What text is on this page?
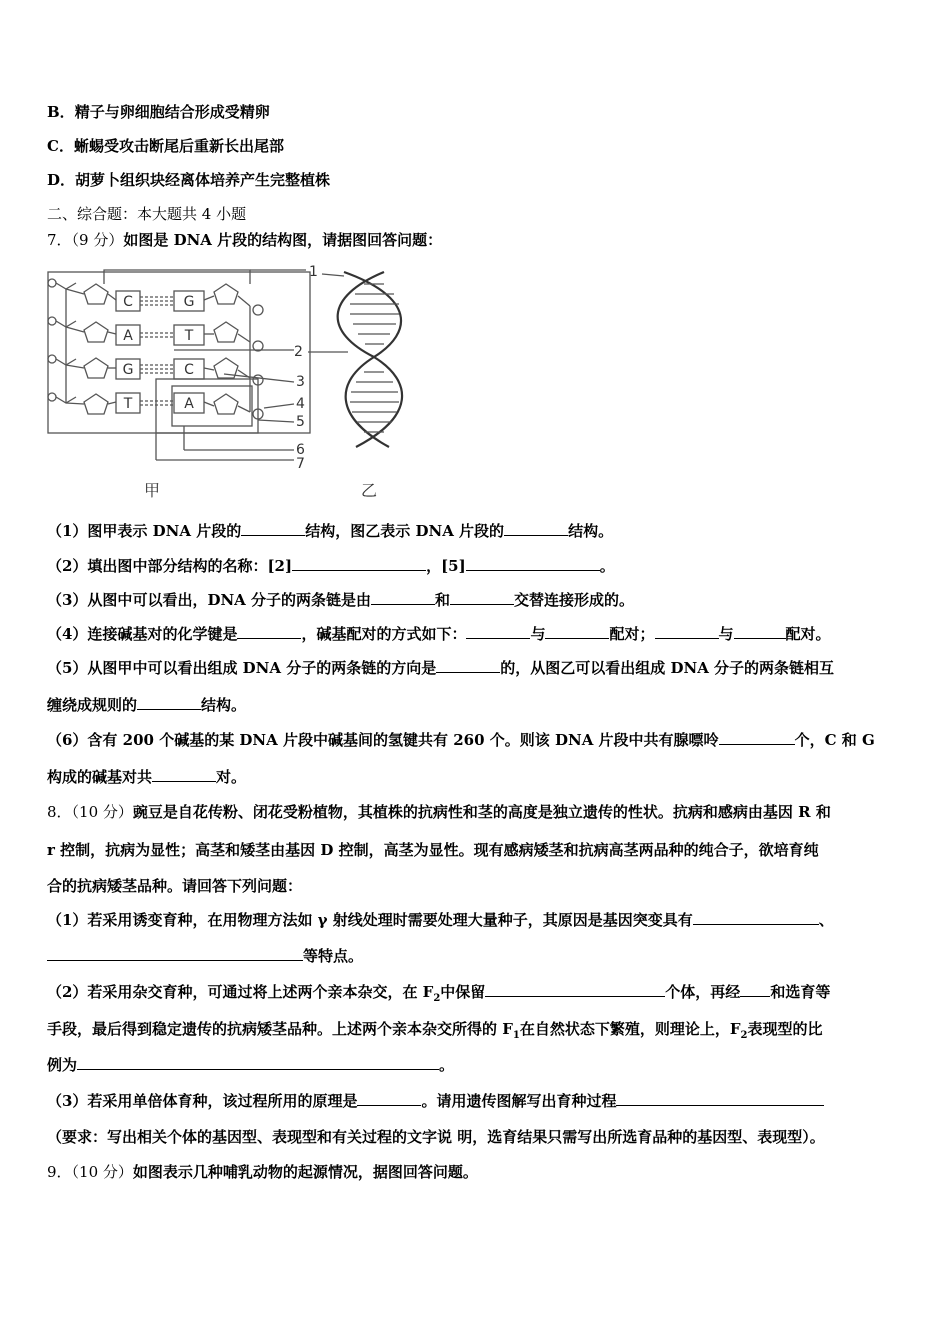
B．精子与卵细胞结合形成受精卵
C．蜥蜴受攻击断尾后重新长出尾部
D．胡萝卜组织块经离体培养产生完整植株
二、综合题：本大题共 4 小题
7．（9 分）如图是 DNA 片段的结构图，请据图回答问题：
C
A
G
T
G
T
C
A
1
2
3
4
5
6
7
甲	乙
（1）图甲表示 DNA 片段的	结构，图乙表示 DNA 片段的	结构。
（2）填出图中部分结构的名称：[2]	，[5]	。
（3）从图中可以看出，DNA 分子的两条链是由	和	交替连接形成的。
（4）连接碱基对的化学键是	，碱基配对的方式如下：	与	配对；	与	配对。
（5）从图甲中可以看出组成 DNA 分子的两条链的方向是	的，从图乙可以看出组成 DNA 分子的两条链相互
缠绕成规则的	结构。
（6）含有 200 个碱基的某 DNA 片段中碱基间的氢键共有 260 个。则该 DNA 片段中共有腺嘌呤	个，C 和 G
构成的碱基对共	对。
8．（10 分）豌豆是自花传粉、闭花受粉植物，其植株的抗病性和茎的高度是独立遗传的性状。抗病和感病由基因 R 和
r 控制，抗病为显性；高茎和矮茎由基因 D 控制，高茎为显性。现有感病矮茎和抗病高茎两品种的纯合子，欲培育纯
合的抗病矮茎品种。请回答下列问题：
（1）若采用诱变育种，在用物理方法如 γ 射线处理时需要处理大量种子，其原因是基因突变具有	、
等特点。
（2）若采用杂交育种，可通过将上述两个亲本杂交，在 $F_2$中保留	个体，再经 和选育等
手段，最后得到稳定遗传的抗病矮茎品种。上述两个亲本杂交所得的 $F_1$在自然状态下繁殖，则理论上，$F_2$表现型的比
例为	。
（3）若采用单倍体育种，该过程所用的原理是	。请用遗传图解写出育种过程
（要求：写出相关个体的基因型、表现型和有关过程的文字说 明，选育结果只需写出所选育品种的基因型、表现型）。
9．（10 分）如图表示几种哺乳动物的起源情况，据图回答问题。
